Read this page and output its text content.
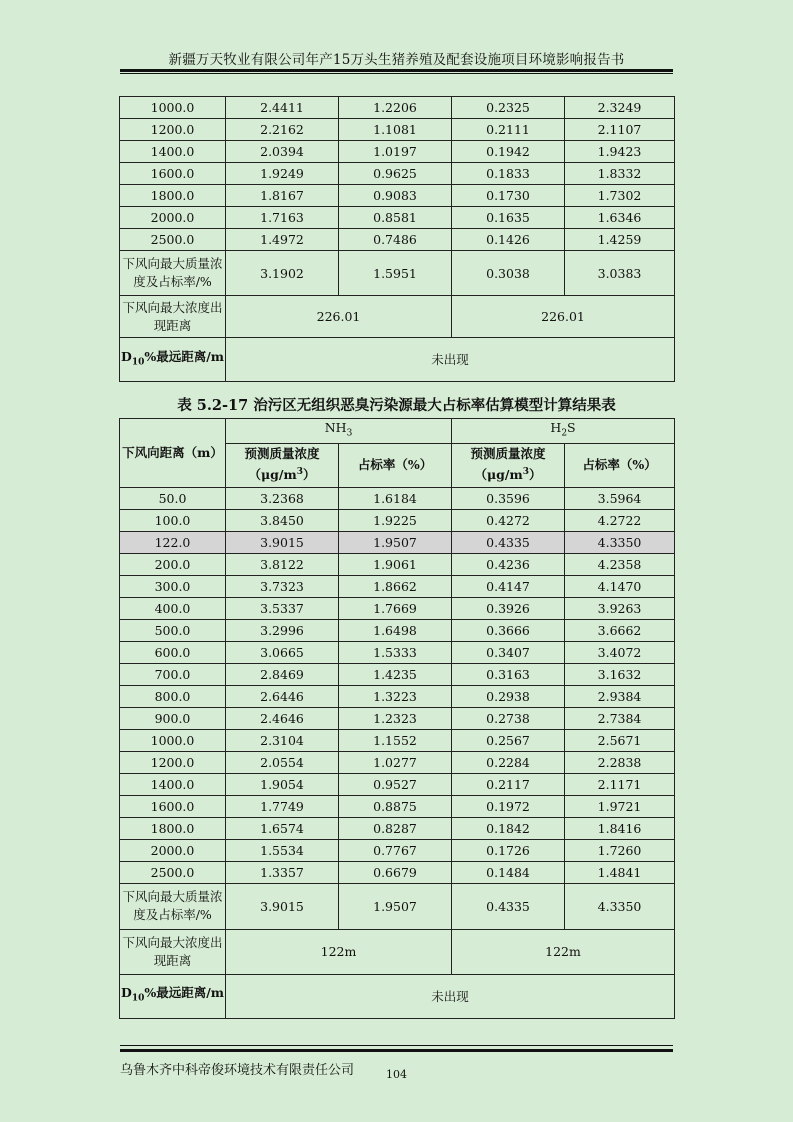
新疆万天牧业有限公司年产15万头生猪养殖及配套设施项目环境影响报告书
1000.0	2.4411	1.2206	0.2325	2.3249
1200.0	2.2162	1.1081	0.2111	2.1107
1400.0	2.0394	1.0197	0.1942	1.9423
1600.0	1.9249	0.9625	0.1833	1.8332
1800.0	1.8167	0.9083	0.1730	1.7302
2000.0	1.7163	0.8581	0.1635	1.6346
2500.0	1.4972	0.7486	0.1426	1.4259
下风向最大质量浓度及占标率/%	3.1902	1.5951	0.3038	3.0383
下风向最大浓度出现距离	226.01		226.01	
$D_{10}\%$最远距离/m	未出现			
表 5.2-17 治污区无组织恶臭污染源最大占标率估算模型计算结果表
下风向距离（m）	$NH_3$		$H_2S$	
	预测质量浓度$(\mu g/m^3)$	占标率（%）	预测质量浓度$(\mu g/m^3)$	占标率（%）
50.0	3.2368	1.6184	0.3596	3.5964
100.0	3.8450	1.9225	0.4272	4.2722
122.0	3.9015	1.9507	0.4335	4.3350
200.0	3.8122	1.9061	0.4236	4.2358
300.0	3.7323	1.8662	0.4147	4.1470
400.0	3.5337	1.7669	0.3926	3.9263
500.0	3.2996	1.6498	0.3666	3.6662
600.0	3.0665	1.5333	0.3407	3.4072
700.0	2.8469	1.4235	0.3163	3.1632
800.0	2.6446	1.3223	0.2938	2.9384
900.0	2.4646	1.2323	0.2738	2.7384
1000.0	2.3104	1.1552	0.2567	2.5671
1200.0	2.0554	1.0277	0.2284	2.2838
1400.0	1.9054	0.9527	0.2117	2.1171
1600.0	1.7749	0.8875	0.1972	1.9721
1800.0	1.6574	0.8287	0.1842	1.8416
2000.0	1.5534	0.7767	0.1726	1.7260
2500.0	1.3357	0.6679	0.1484	1.4841
下风向最大质量浓度及占标率/%	3.9015	1.9507	0.4335	4.3350
下风向最大浓度出现距离	122m		122m	
$D_{10}\%$最远距离/m	未出现			
乌鲁木齐中科帝俊环境技术有限责任公司	104
